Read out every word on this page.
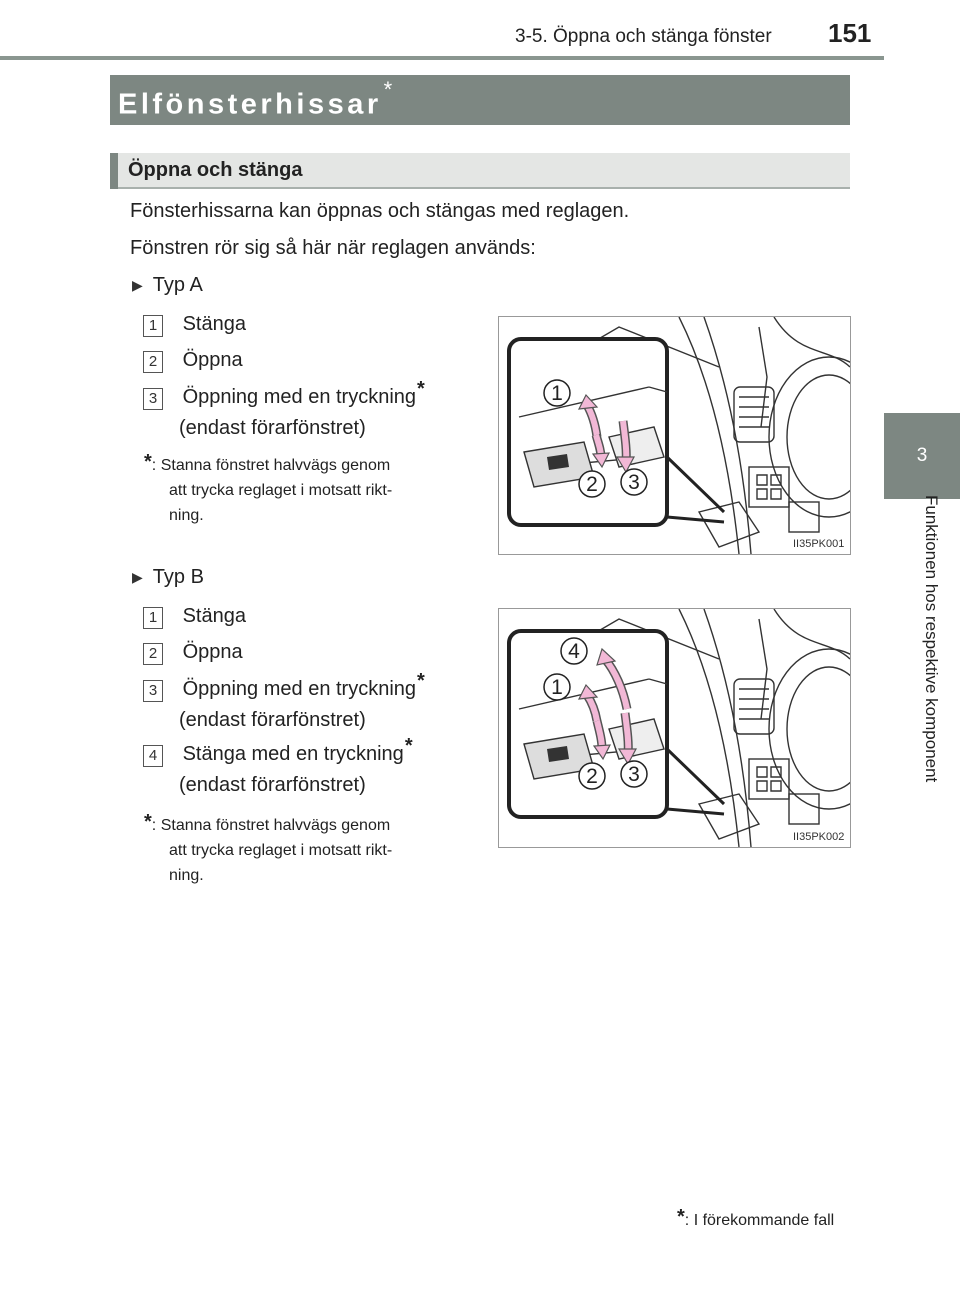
3-5. Öppna och stänga fönster 151
3
Funktionen hos respektive komponent
Elfönsterhissar*
Öppna och stänga
Fönsterhissarna kan öppnas och stängas med reglagen.
Fönstren rör sig så här när reglagen används:
▶ Typ A
1 Stänga
2 Öppna
3 Öppning med en tryckning*
(endast förarfönstret)
*: Stanna fönstret halvvägs genom
att trycka reglaget i motsatt rikt-
ning.
1
2 3
II35PK001
▶ Typ B
1 Stänga
2 Öppna
3 Öppning med en tryckning*
(endast förarfönstret)
4 Stänga med en tryckning*
(endast förarfönstret)
*: Stanna fönstret halvvägs genom
att trycka reglaget i motsatt rikt-
ning.
4
1
2 3
II35PK002
*: I förekommande fall
